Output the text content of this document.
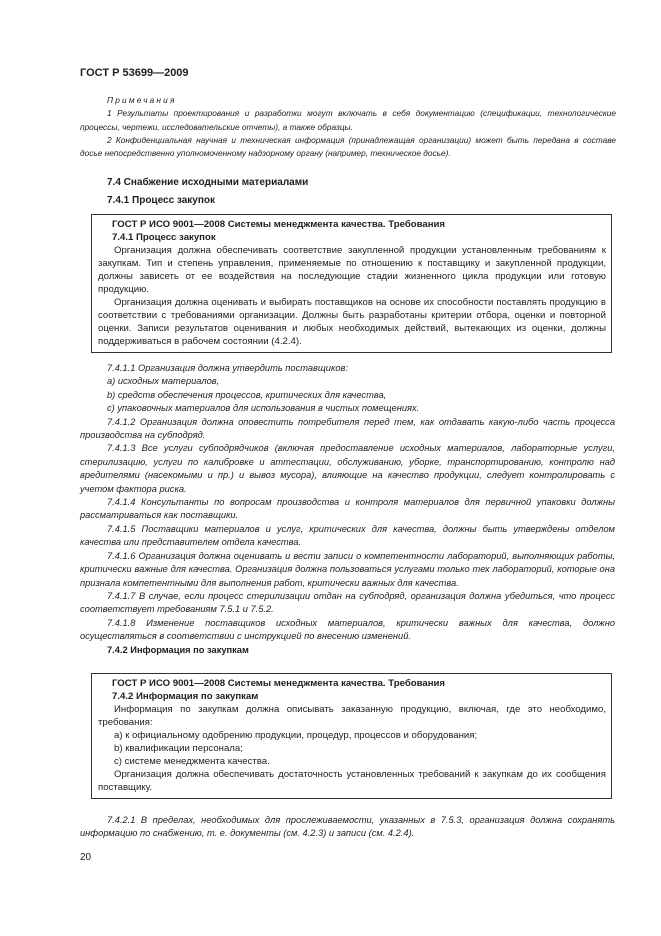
ГОСТ Р 53699—2009
Примечания
1 Результаты проектирования и разработки могут включать в себя документацию (спецификации, технологические процессы, чертежи, исследовательские отчеты), а также образцы.
2 Конфиденциальная научная и техническая информация (принадлежащая организации) может быть передана в составе досье непосредственно уполномоченному надзорному органу (например, техническое досье).
7.4 Снабжение исходными материалами
7.4.1 Процесс закупок

ГОСТ Р ИСО 9001—2008 Системы менеджмента качества. Требования

7.4.1 Процесс закупок

Организация должна обеспечивать соответствие закупленной продукции установленным требованиям к закупкам. Тип и степень управления, применяемые по отношению к поставщику и закупленной продукции, должны зависеть от ее воздействия на последующие стадии жизненного цикла продукции или готовую продукцию.

Организация должна оценивать и выбирать поставщиков на основе их способности поставлять продукцию в соответствии с требованиями организации. Должны быть разработаны критерии отбора, оценки и повторной оценки. Записи результатов оценивания и любых необходимых действий, вытекающих из оценки, должны поддерживаться в рабочем состоянии (4.2.4).

7.4.1.1 Организация должна утвердить поставщиков:

a) исходных материалов,

b) средств обеспечения процессов, критических для качества,

c) упаковочных материалов для использования в чистых помещениях.

7.4.1.2 Организация должна оповестить потребителя перед тем, как отдавать какую-либо часть процесса производства на субподряд.

7.4.1.3 Все услуги субподрядчиков (включая предоставление исходных материалов, лабораторные услуги, стерилизацию, услуги по калибровке и аттестации, обслуживанию, уборке, транспортированию, контролю над вредителями (насекомыми и пр.) и вывоз мусора), влияющие на качество продукции, следует контролировать с учетом фактора риска.

7.4.1.4 Консультанты по вопросам производства и контроля материалов для первичной упаковки должны рассматриваться как поставщики.

7.4.1.5 Поставщики материалов и услуг, критических для качества, должны быть утверждены отделом качества или представителем отдела качества.

7.4.1.6 Организация должна оценивать и вести записи о компетентности лабораторий, выполняющих работы, критически важные для качества. Организация должна пользоваться услугами только тех лабораторий, которые она признала компетентными для выполнения работ, критически важных для качества.

7.4.1.7 В случае, если процесс стерилизации отдан на субподряд, организация должна убедиться, что процесс соответствует требованиям 7.5.1 и 7.5.2.

7.4.1.8 Изменение поставщиков исходных материалов, критически важных для качества, должно осуществляться в соответствии с инструкцией по внесению изменений.

7.4.2 Информация по закупкам

ГОСТ Р ИСО 9001—2008 Системы менеджмента качества. Требования

7.4.2 Информация по закупкам

Информация по закупкам должна описывать заказанную продукцию, включая, где это необходимо, требования:

a) к официальному одобрению продукции, процедур, процессов и оборудования;

b) квалификации персонала;

c) системе менеджмента качества.

Организация должна обеспечивать достаточность установленных требований к закупкам до их сообщения поставщику.

7.4.2.1 В пределах, необходимых для прослеживаемости, указанных в 7.5.3, организация должна сохранять информацию по снабжению, т. е. документы (см. 4.2.3) и записи (см. 4.2.4).

20
